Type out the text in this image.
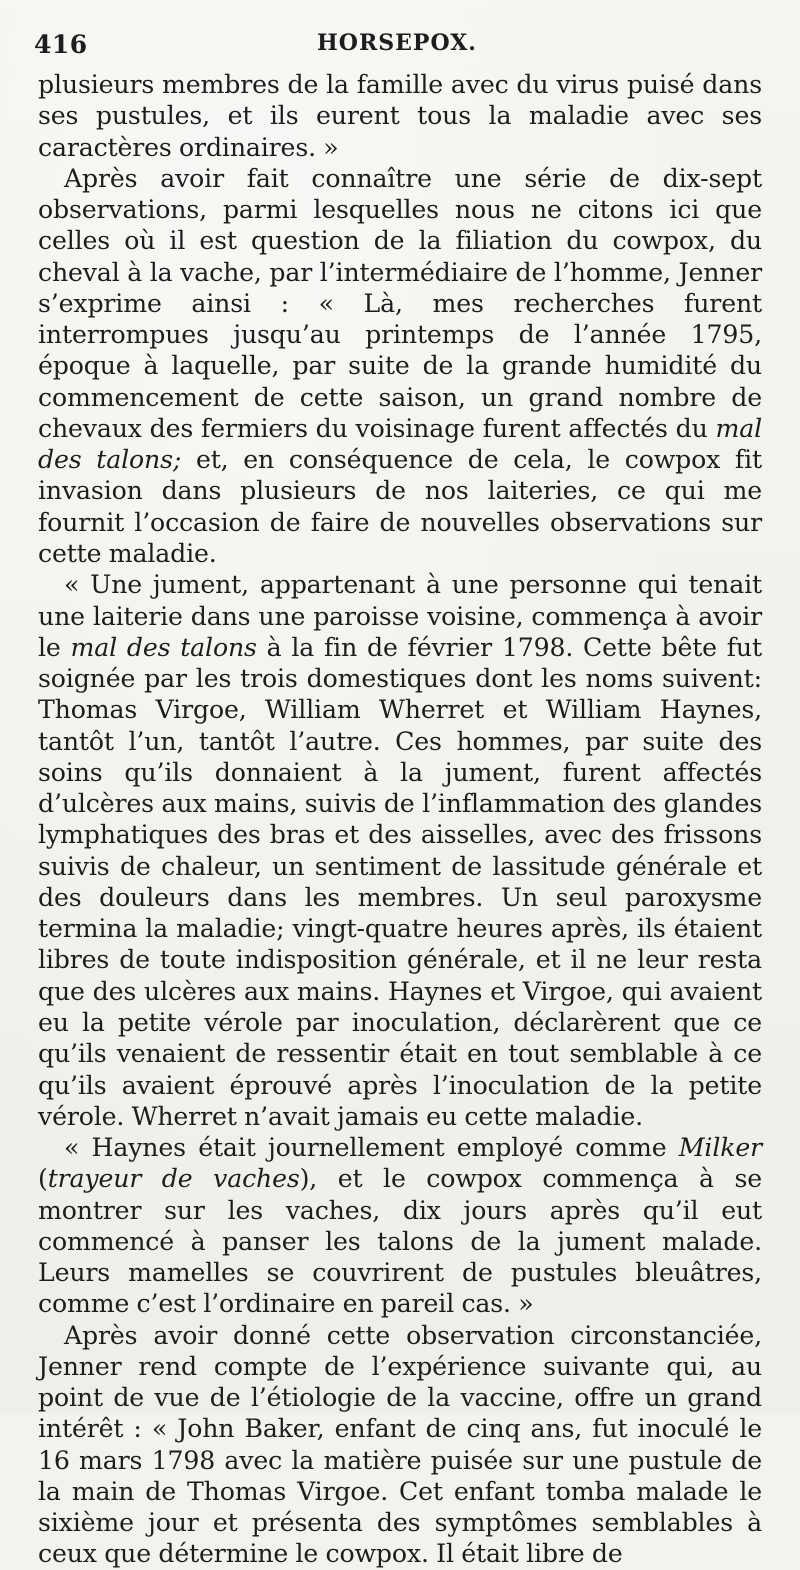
416	HORSEPOX.

plusieurs membres de la famille avec du virus puisé dans ses pustules, et ils eurent tous la maladie avec ses caractères ordinaires. »

Après avoir fait connaître une série de dix-sept observations, parmi lesquelles nous ne citons ici que celles où il est question de la filiation du cowpox, du cheval à la vache, par l’intermédiaire de l’homme, Jenner s’exprime ainsi : « Là, mes recherches furent interrompues jusqu’au printemps de l’année 1795, époque à laquelle, par suite de la grande humidité du commencement de cette saison, un grand nombre de chevaux des fermiers du voisinage furent affectés du mal des talons; et, en conséquence de cela, le cowpox fit invasion dans plusieurs de nos laiteries, ce qui me fournit l’occasion de faire de nouvelles observations sur cette maladie.

« Une jument, appartenant à une personne qui tenait une laiterie dans une paroisse voisine, commença à avoir le mal des talons à la fin de février 1798. Cette bête fut soignée par les trois domestiques dont les noms suivent: Thomas Virgoe, William Wherret et William Haynes, tantôt l’un, tantôt l’autre. Ces hommes, par suite des soins qu’ils donnaient à la jument, furent affectés d’ulcères aux mains, suivis de l’inflammation des glandes lymphatiques des bras et des aisselles, avec des frissons suivis de chaleur, un sentiment de lassitude générale et des douleurs dans les membres. Un seul paroxysme termina la maladie; vingt-quatre heures après, ils étaient libres de toute indisposition générale, et il ne leur resta que des ulcères aux mains. Haynes et Virgoe, qui avaient eu la petite vérole par inoculation, déclarèrent que ce qu’ils venaient de ressentir était en tout semblable à ce qu’ils avaient éprouvé après l’inoculation de la petite vérole. Wherret n’avait jamais eu cette maladie.

« Haynes était journellement employé comme Milker (trayeur de vaches), et le cowpox commença à se montrer sur les vaches, dix jours après qu’il eut commencé à panser les talons de la jument malade. Leurs mamelles se couvrirent de pustules bleuâtres, comme c’est l’ordinaire en pareil cas. »

Après avoir donné cette observation circonstanciée, Jenner rend compte de l’expérience suivante qui, au point de vue de l’étiologie de la vaccine, offre un grand intérêt : « John Baker, enfant de cinq ans, fut inoculé le 16 mars 1798 avec la matière puisée sur une pustule de la main de Thomas Virgoe. Cet enfant tomba malade le sixième jour et présenta des symptômes semblables à ceux que détermine le cowpox. Il était libre de
